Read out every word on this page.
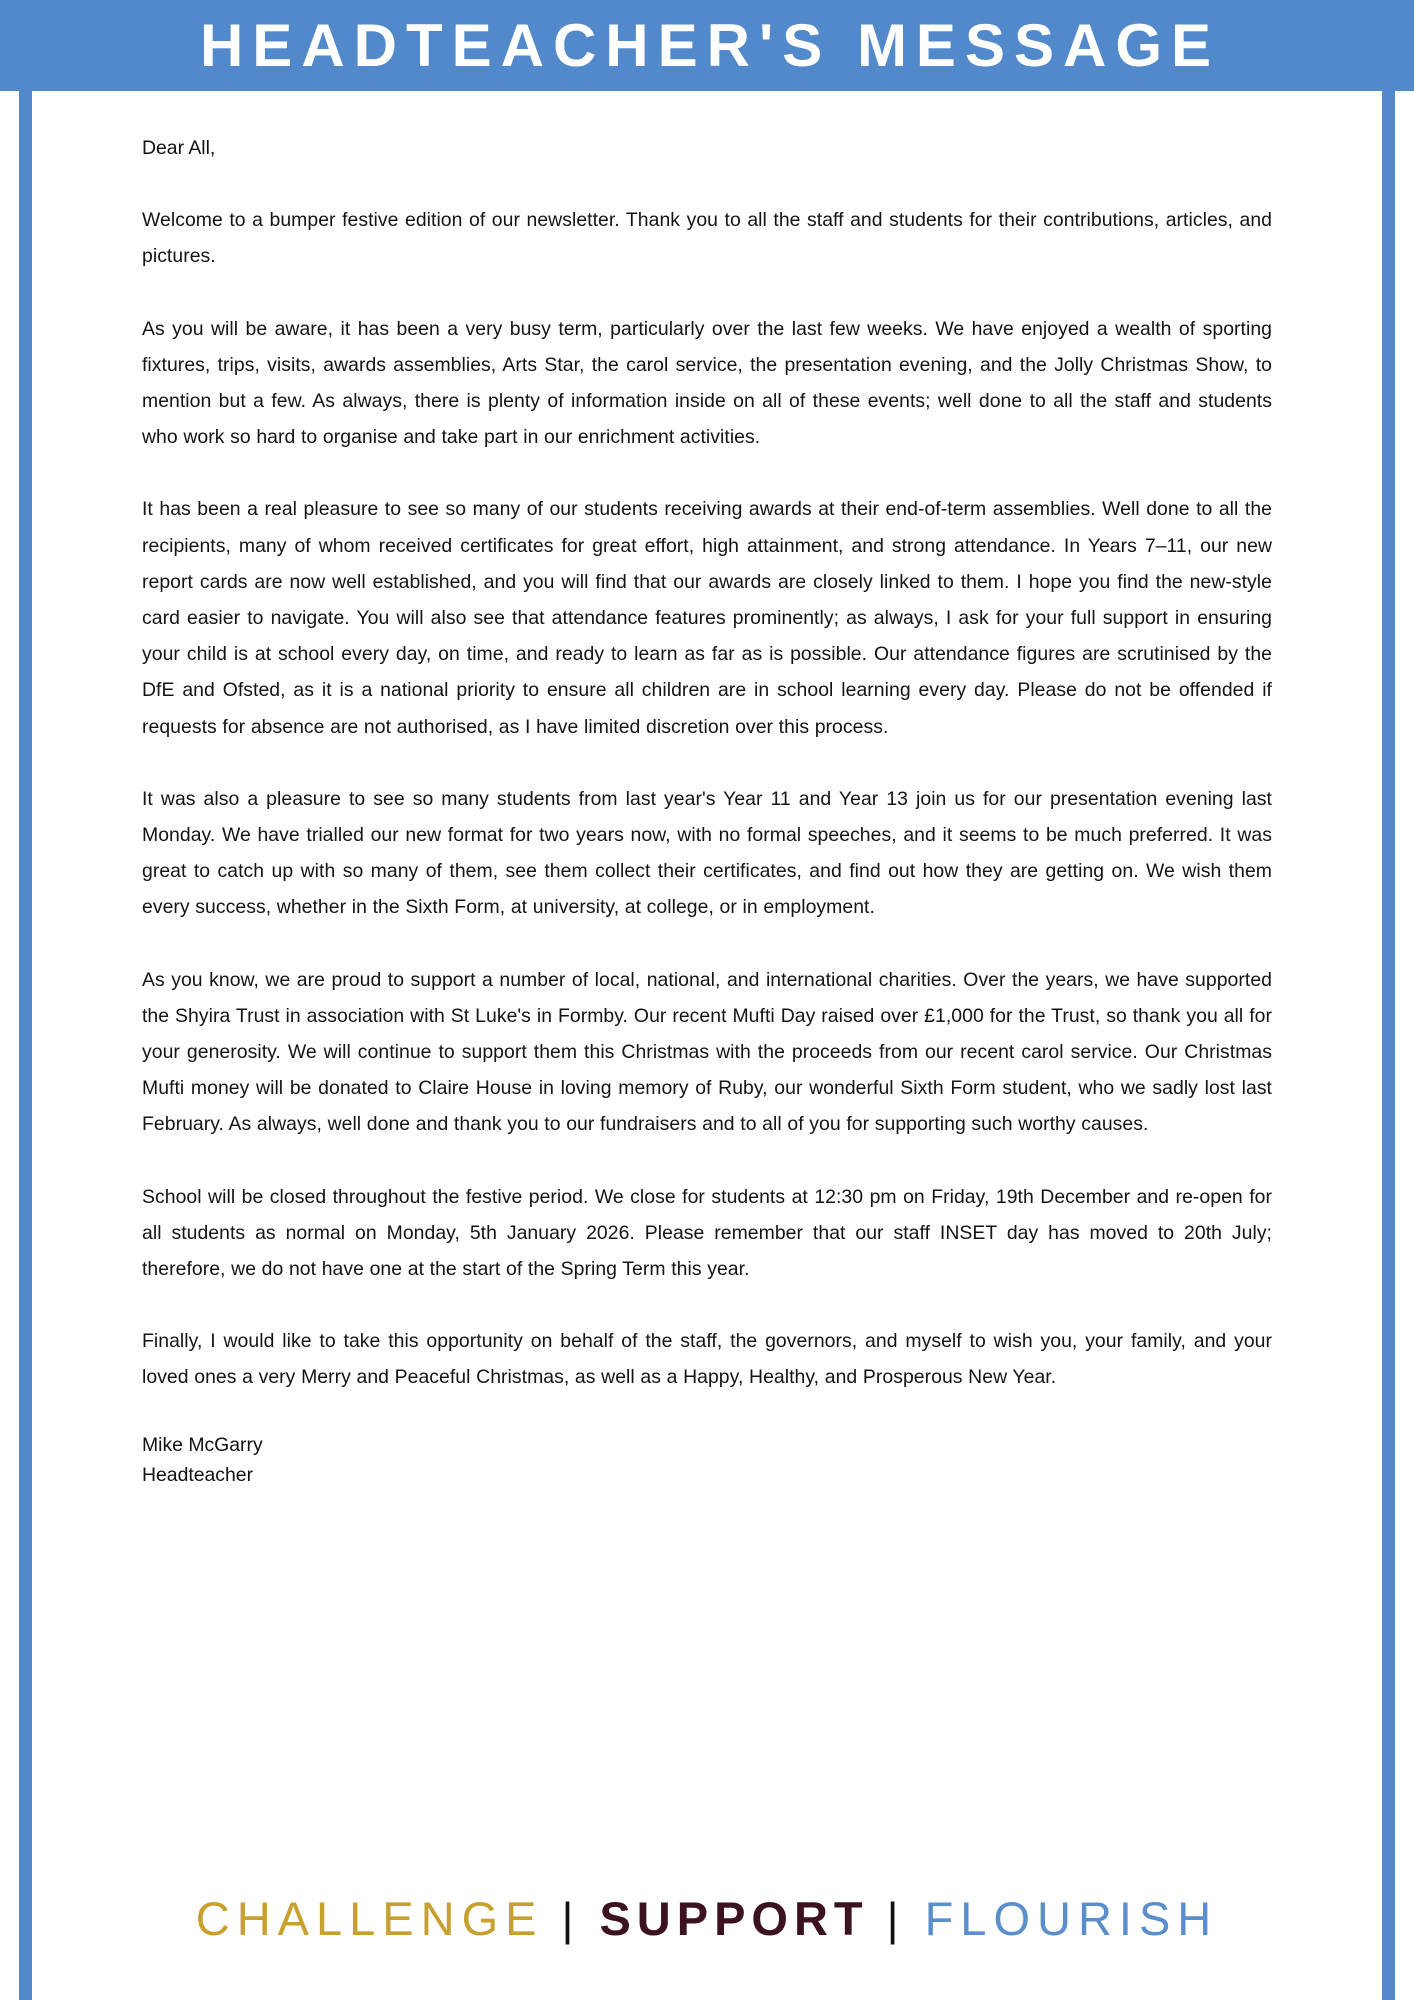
HEADTEACHER'S MESSAGE

Dear All,

Welcome to a bumper festive edition of our newsletter. Thank you to all the staff and students for their contributions, articles, and pictures.

As you will be aware, it has been a very busy term, particularly over the last few weeks. We have enjoyed a wealth of sporting fixtures, trips, visits, awards assemblies, Arts Star, the carol service, the presentation evening, and the Jolly Christmas Show, to mention but a few. As always, there is plenty of information inside on all of these events; well done to all the staff and students who work so hard to organise and take part in our enrichment activities.

It has been a real pleasure to see so many of our students receiving awards at their end-of-term assemblies. Well done to all the recipients, many of whom received certificates for great effort, high attainment, and strong attendance. In Years 7–11, our new report cards are now well established, and you will find that our awards are closely linked to them. I hope you find the new-style card easier to navigate. You will also see that attendance features prominently; as always, I ask for your full support in ensuring your child is at school every day, on time, and ready to learn as far as is possible. Our attendance figures are scrutinised by the DfE and Ofsted, as it is a national priority to ensure all children are in school learning every day. Please do not be offended if requests for absence are not authorised, as I have limited discretion over this process.

It was also a pleasure to see so many students from last year's Year 11 and Year 13 join us for our presentation evening last Monday. We have trialled our new format for two years now, with no formal speeches, and it seems to be much preferred. It was great to catch up with so many of them, see them collect their certificates, and find out how they are getting on. We wish them every success, whether in the Sixth Form, at university, at college, or in employment.

As you know, we are proud to support a number of local, national, and international charities. Over the years, we have supported the Shyira Trust in association with St Luke's in Formby. Our recent Mufti Day raised over £1,000 for the Trust, so thank you all for your generosity. We will continue to support them this Christmas with the proceeds from our recent carol service. Our Christmas Mufti money will be donated to Claire House in loving memory of Ruby, our wonderful Sixth Form student, who we sadly lost last February. As always, well done and thank you to our fundraisers and to all of you for supporting such worthy causes.

School will be closed throughout the festive period. We close for students at 12:30 pm on Friday, 19th December and re-open for all students as normal on Monday, 5th January 2026. Please remember that our staff INSET day has moved to 20th July; therefore, we do not have one at the start of the Spring Term this year.

Finally, I would like to take this opportunity on behalf of the staff, the governors, and myself to wish you, your family, and your loved ones a very Merry and Peaceful Christmas, as well as a Happy, Healthy, and Prosperous New Year.

Mike McGarry
Headteacher
CHALLENGE | SUPPORT | FLOURISH
